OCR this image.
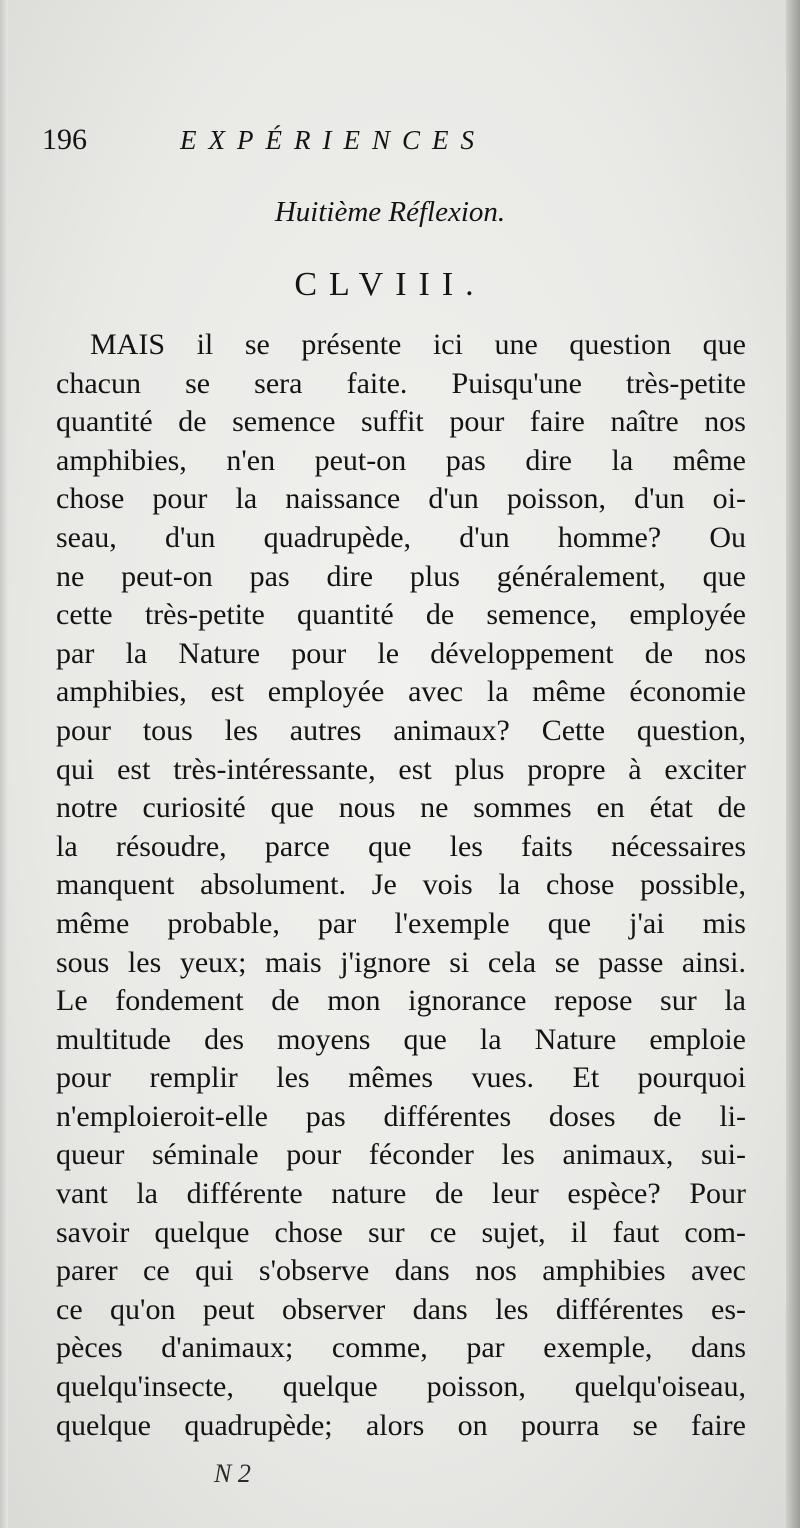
196	EXPÉRIENCES
Huitième Réflexion.
CLVIII.
MAIS il se présente ici une question que
chacun se sera faite. Puisqu'une très-petite
quantité de semence suffit pour faire naître nos
amphibies, n'en peut-on pas dire la même
chose pour la naissance d'un poisson, d'un oi-
seau, d'un quadrupède, d'un homme? Ou
ne peut-on pas dire plus généralement, que
cette très-petite quantité de semence, employée
par la Nature pour le développement de nos
amphibies, est employée avec la même économie
pour tous les autres animaux? Cette question,
qui est très-intéressante, est plus propre à exciter
notre curiosité que nous ne sommes en état de
la résoudre, parce que les faits nécessaires
manquent absolument. Je vois la chose possible,
même probable, par l'exemple que j'ai mis
sous les yeux; mais j'ignore si cela se passe ainsi.
Le fondement de mon ignorance repose sur la
multitude des moyens que la Nature emploie
pour remplir les mêmes vues. Et pourquoi
n'emploieroit-elle pas différentes doses de li-
queur séminale pour féconder les animaux, sui-
vant la différente nature de leur espèce? Pour
savoir quelque chose sur ce sujet, il faut com-
parer ce qui s'observe dans nos amphibies avec
ce qu'on peut observer dans les différentes es-
pèces d'animaux; comme, par exemple, dans
quelqu'insecte, quelque poisson, quelqu'oiseau,
quelque quadrupède; alors on pourra se faire
N 2
